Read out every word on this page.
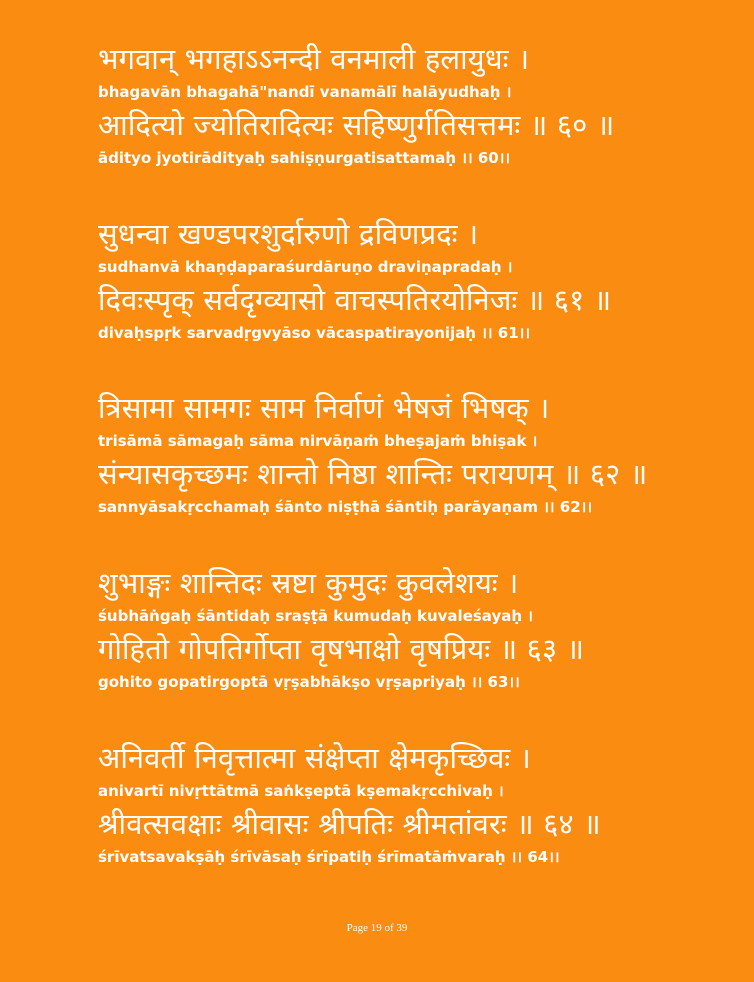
भगवान् भगहाऽऽनन्दी वनमाली हलायुधः ।
bhagavān bhagahā"nandī vanamālī halāyudhaḥ ।
आदित्यो ज्योतिरादित्यः सहिष्णुर्गतिसत्तमः ॥ ६० ॥
ādityo jyotirādityaḥ sahiṣṇurgatisattamaḥ ।। 60।।
सुधन्वा खण्डपरशुर्दारुणो द्रविणप्रदः ।
sudhanvā khaṇḍaparaśurdāruṇo draviṇapradaḥ ।
दिवःस्पृक् सर्वदृग्व्यासो वाचस्पतिरयोनिजः ॥ ६१ ॥
divaḥspṛk sarvadṛgvyāso vācaspatirayonijaḥ ।। 61।।
त्रिसामा सामगः साम निर्वाणं भेषजं भिषक् ।
trisāmā sāmagaḥ sāma nirvāṇaṁ bheṣajaṁ bhiṣak ।
संन्यासकृच्छमः शान्तो निष्ठा शान्तिः परायणम् ॥ ६२ ॥
sannyāsakṛcchamaḥ śānto niṣṭhā śāntiḥ parāyaṇam ।। 62।।
शुभाङ्गः शान्तिदः स्रष्टा कुमुदः कुवलेशयः ।
śubhāṅgaḥ śāntidaḥ sraṣṭā kumudaḥ kuvaleśayaḥ ।
गोहितो गोपतिर्गोप्ता वृषभाक्षो वृषप्रियः ॥ ६३ ॥
gohito gopatirgoptā vṛṣabhākṣo vṛṣapriyaḥ ।। 63।।
अनिवर्ती निवृत्तात्मा संक्षेप्ता क्षेमकृच्छिवः ।
anivartī nivṛttātmā saṅkṣeptā kṣemakṛcchivaḥ ।
श्रीवत्सवक्षाः श्रीवासः श्रीपतिः श्रीमतांवरः ॥ ६४ ॥
śrīvatsavakṣāḥ śrīvāsaḥ śrīpatiḥ śrīmatāṁvaraḥ ।। 64।।
Page 19 of 39
